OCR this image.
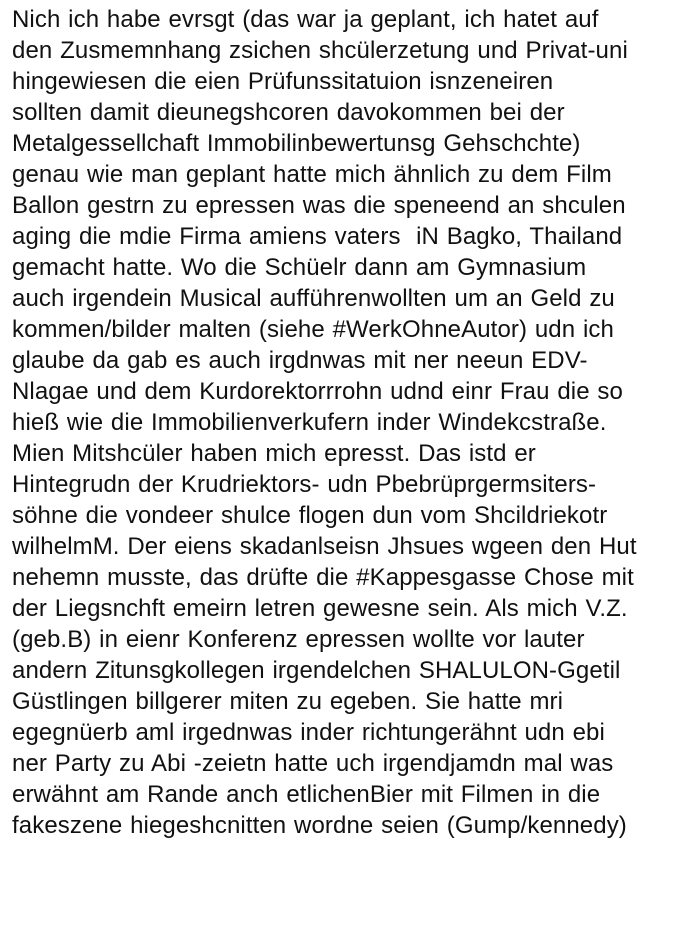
Nich ich habe evrsgt (das war ja geplant, ich hatet auf
den Zusmemnhang zsichen shcülerzetung und Privat-uni
hingewiesen die eien Prüfunssitatuion isnzeneiren
sollten damit dieunegshcoren davokommen bei der
Metalgessellchaft Immobilinbewertunsg Gehschchte)
genau wie man geplant hatte mich ähnlich zu dem Film
Ballon gestrn zu epressen was die speneend an shculen
aging die mdie Firma amiens vaters  iN Bagko, Thailand
gemacht hatte. Wo die Schüelr dann am Gymnasium
auch irgendein Musical aufführenwollten um an Geld zu
kommen/bilder malten (siehe #WerkOhneAutor) udn ich
glaube da gab es auch irgdnwas mit ner neeun EDV-
Nlagae und dem Kurdorektorrrohn udnd einr Frau die so
hieß wie die Immobilienverkufern inder Windekcstraße.
Mien Mitshcüler haben mich epresst. Das istd er
Hintegrudn der Krudriektors- udn Pbebrüprgermsiters-
söhne die vondeer shulce flogen dun vom Shcildriekotr
wilhelmM. Der eiens skadanlseisn Jhsues wgeen den Hut
nehemn musste, das drüfte die #Kappesgasse Chose mit
der Liegsnchft emeirn letren gewesne sein. Als mich V.Z.
(geb.B) in eienr Konferenz epressen wollte vor lauter
andern Zitunsgkollegen irgendelchen SHALULON-Ggetil
Güstlingen billgerer miten zu egeben. Sie hatte mri
egegnüerb aml irgednwas inder richtungerähnt udn ebi
ner Party zu Abi -zeietn hatte uch irgendjamdn mal was
erwähnt am Rande anch etlichenBier mit Filmen in die
fakeszene hiegeshcnitten wordne seien (Gump/kennedy)
